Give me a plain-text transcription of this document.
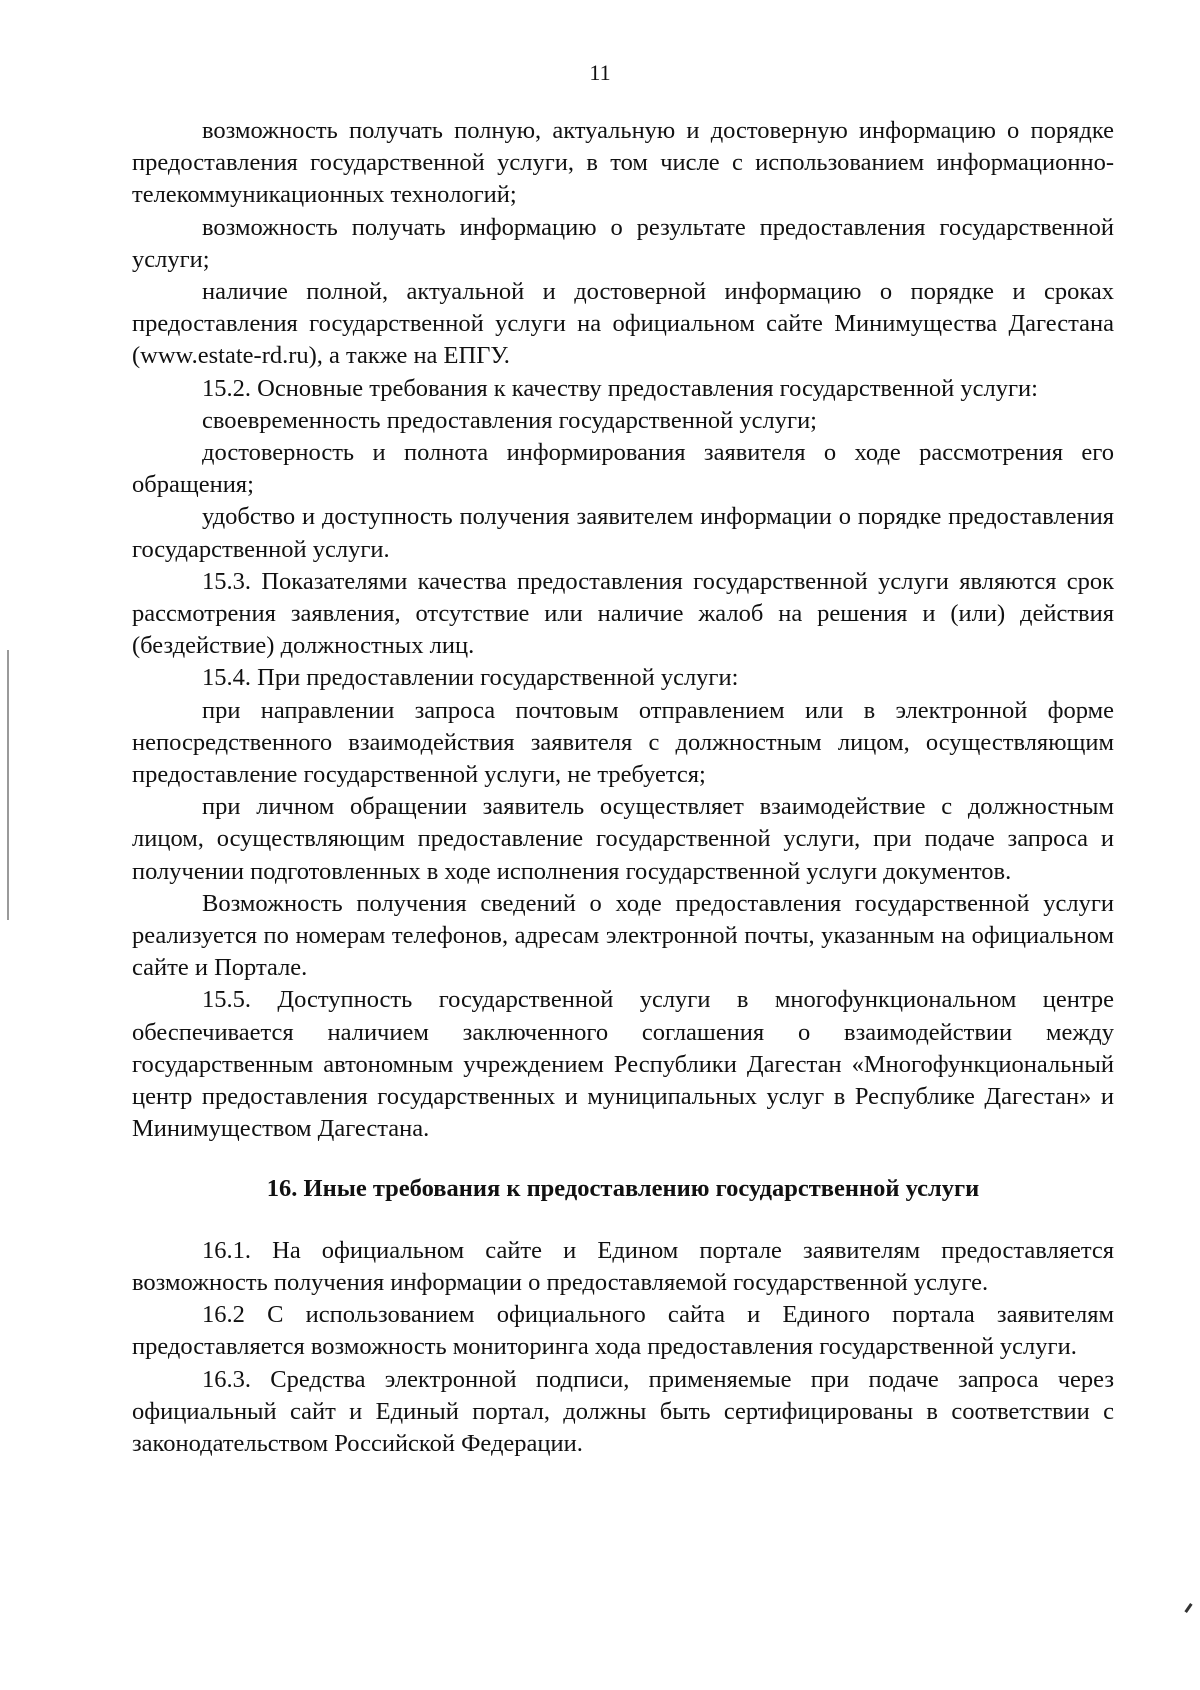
11

возможность получать полную, актуальную и достоверную информацию о порядке предоставления государственной услуги, в том числе с использованием информационно-телекоммуникационных технологий;

возможность получать информацию о результате предоставления государственной услуги;

наличие полной, актуальной и достоверной информацию о порядке и сроках предоставления государственной услуги на официальном сайте Минимущества Дагестана (www.estate-rd.ru), а также на ЕПГУ.

15.2. Основные требования к качеству предоставления государственной услуги:

своевременность предоставления государственной услуги;

достоверность и полнота информирования заявителя о ходе рассмотрения его обращения;

удобство и доступность получения заявителем информации о порядке предоставления государственной услуги.

15.3. Показателями качества предоставления государственной услуги являются срок рассмотрения заявления, отсутствие или наличие жалоб на решения и (или) действия (бездействие) должностных лиц.

15.4. При предоставлении государственной услуги:

при направлении запроса почтовым отправлением или в электронной форме непосредственного взаимодействия заявителя с должностным лицом, осуществляющим предоставление государственной услуги, не требуется;

при личном обращении заявитель осуществляет взаимодействие с должностным лицом, осуществляющим предоставление государственной услуги, при подаче запроса и получении подготовленных в ходе исполнения государственной услуги документов.

Возможность получения сведений о ходе предоставления государственной услуги реализуется по номерам телефонов, адресам электронной почты, указанным на официальном сайте и Портале.

15.5. Доступность государственной услуги в многофункциональном центре обеспечивается наличием заключенного соглашения о взаимодействии между государственным автономным учреждением Республики Дагестан «Многофункциональный центр предоставления государственных и муниципальных услуг в Республике Дагестан» и Минимуществом Дагестана.

16. Иные требования к предоставлению государственной услуги

16.1. На официальном сайте и Едином портале заявителям предоставляется возможность получения информации о предоставляемой государственной услуге.

16.2 С использованием официального сайта и Единого портала заявителям предоставляется возможность мониторинга хода предоставления государственной услуги.

16.3. Средства электронной подписи, применяемые при подаче запроса через официальный сайт и Единый портал, должны быть сертифицированы в соответствии с законодательством Российской Федерации.
